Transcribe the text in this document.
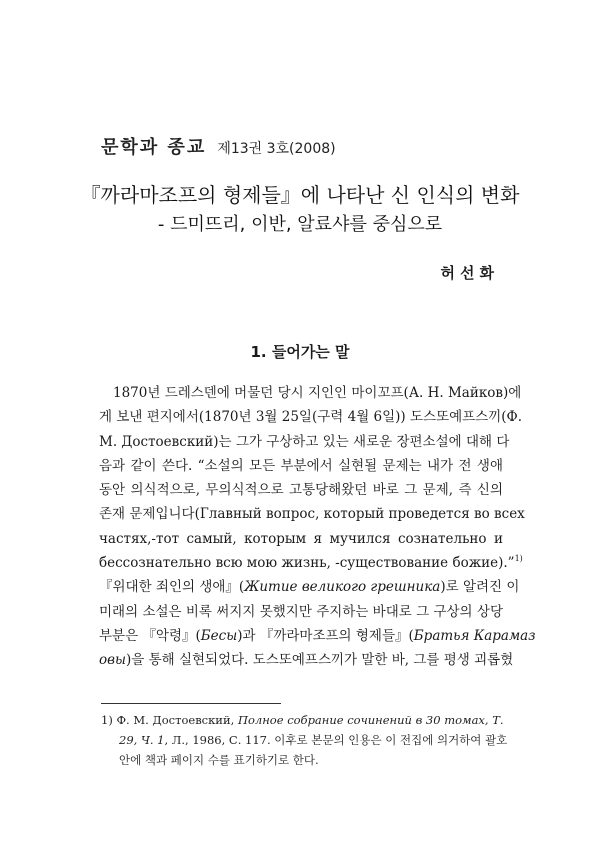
문학과 종교 제13권 3호(2008)
『까라마조프의 형제들』에 나타난 신 인식의 변화
- 드미뜨리, 이반, 알료샤를 중심으로
허선화
1. 들어가는 말
1870년 드레스덴에 머물던 당시 지인인 마이꼬프(А. Н. Майков)에
게 보낸 편지에서(1870년 3월 25일(구력 4월 6일)) 도스또예프스끼(Ф.
М. Достоевский)는 그가 구상하고 있는 새로운 장편소설에 대해 다
음과 같이 쓴다. “소설의 모든 부분에서 실현될 문제는 내가 전 생애
동안 의식적으로, 무의식적으로 고통당해왔던 바로 그 문제, 즉 신의
존재 문제입니다(Главный вопрос, который проведется во всех
частях,-тот самый, которым я мучился сознательно и
бессознательно всю мою жизнь, -существование божие).”$^{1)}$
『위대한 죄인의 생애』(Житие великого грешника)로 알려진 이
미래의 소설은 비록 써지지 못했지만 주지하는 바대로 그 구상의 상당
부분은 『악령』(Бесы)과 『까라마조프의 형제들』(Братья Карамаз
овы)을 통해 실현되었다. 도스또예프스끼가 말한 바, 그를 평생 괴롭혔
1) Ф. М. Достоевский, Полное собрание сочинений в 30 томах, Т.
29, Ч. 1, Л., 1986, С. 117. 이후로 본문의 인용은 이 전집에 의거하여 괄호
안에 책과 페이지 수를 표기하기로 한다.
